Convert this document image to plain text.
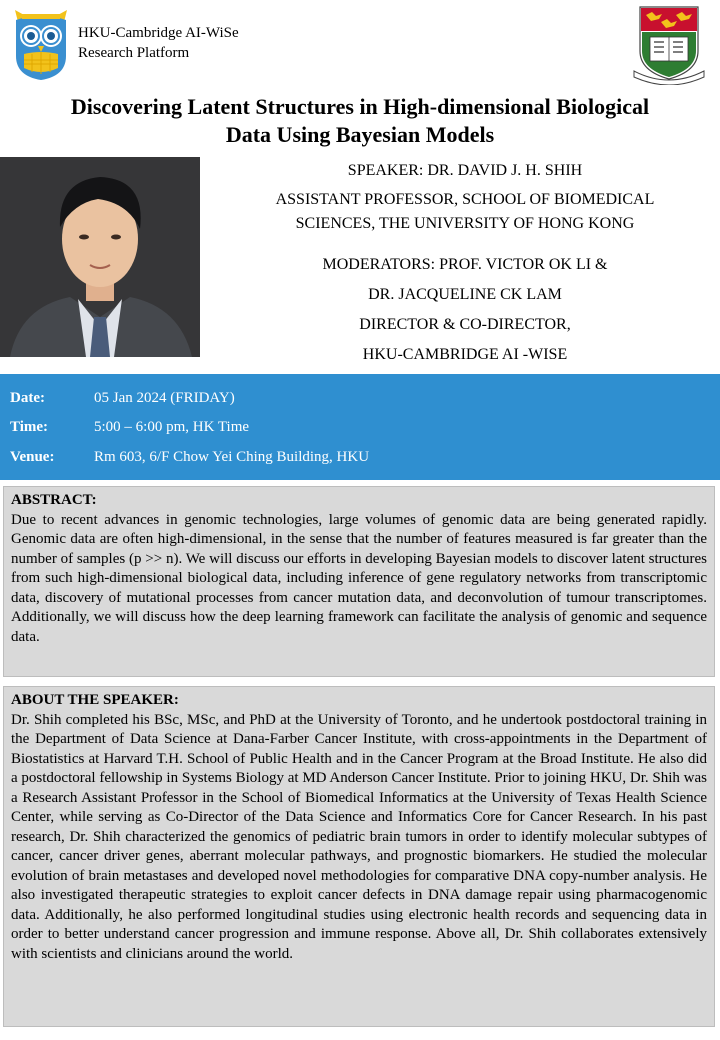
HKU-Cambridge AI-WiSe
Research Platform
Discovering Latent Structures in High-dimensional Biological
Data Using Bayesian Models
SPEAKER: DR. DAVID J. H. SHIH
ASSISTANT PROFESSOR, SCHOOL OF BIOMEDICAL
SCIENCES, THE UNIVERSITY OF HONG KONG
MODERATORS: PROF. VICTOR OK LI &
DR. JACQUELINE CK LAM
DIRECTOR & CO-DIRECTOR,
HKU-CAMBRIDGE AI -WISE
Date:	05 Jan 2024 (FRIDAY)
Time:	5:00 – 6:00 pm, HK Time
Venue:	Rm 603, 6/F Chow Yei Ching Building, HKU
ABSTRACT:
Due to recent advances in genomic technologies, large volumes of genomic data are being generated rapidly. Genomic data are often high-dimensional, in the sense that the number of features measured is far greater than the number of samples (p >> n). We will discuss our efforts in developing Bayesian models to discover latent structures from such high-dimensional biological data, including inference of gene regulatory networks from transcriptomic data, discovery of mutational processes from cancer mutation data, and deconvolution of tumour transcriptomes. Additionally, we will discuss how the deep learning framework can facilitate the analysis of genomic and sequence data.
ABOUT THE SPEAKER:
Dr. Shih completed his BSc, MSc, and PhD at the University of Toronto, and he undertook postdoctoral training in the Department of Data Science at Dana-Farber Cancer Institute, with cross-appointments in the Department of Biostatistics at Harvard T.H. School of Public Health and in the Cancer Program at the Broad Institute. He also did a postdoctoral fellowship in Systems Biology at MD Anderson Cancer Institute. Prior to joining HKU, Dr. Shih was a Research Assistant Professor in the School of Biomedical Informatics at the University of Texas Health Science Center, while serving as Co-Director of the Data Science and Informatics Core for Cancer Research. In his past research, Dr. Shih characterized the genomics of pediatric brain tumors in order to identify molecular subtypes of cancer, cancer driver genes, aberrant molecular pathways, and prognostic biomarkers. He studied the molecular evolution of brain metastases and developed novel methodologies for comparative DNA copy-number analysis. He also investigated therapeutic strategies to exploit cancer defects in DNA damage repair using pharmacogenomic data. Additionally, he also performed longitudinal studies using electronic health records and sequencing data in order to better understand cancer progression and immune response. Above all, Dr. Shih collaborates extensively with scientists and clinicians around the world.
